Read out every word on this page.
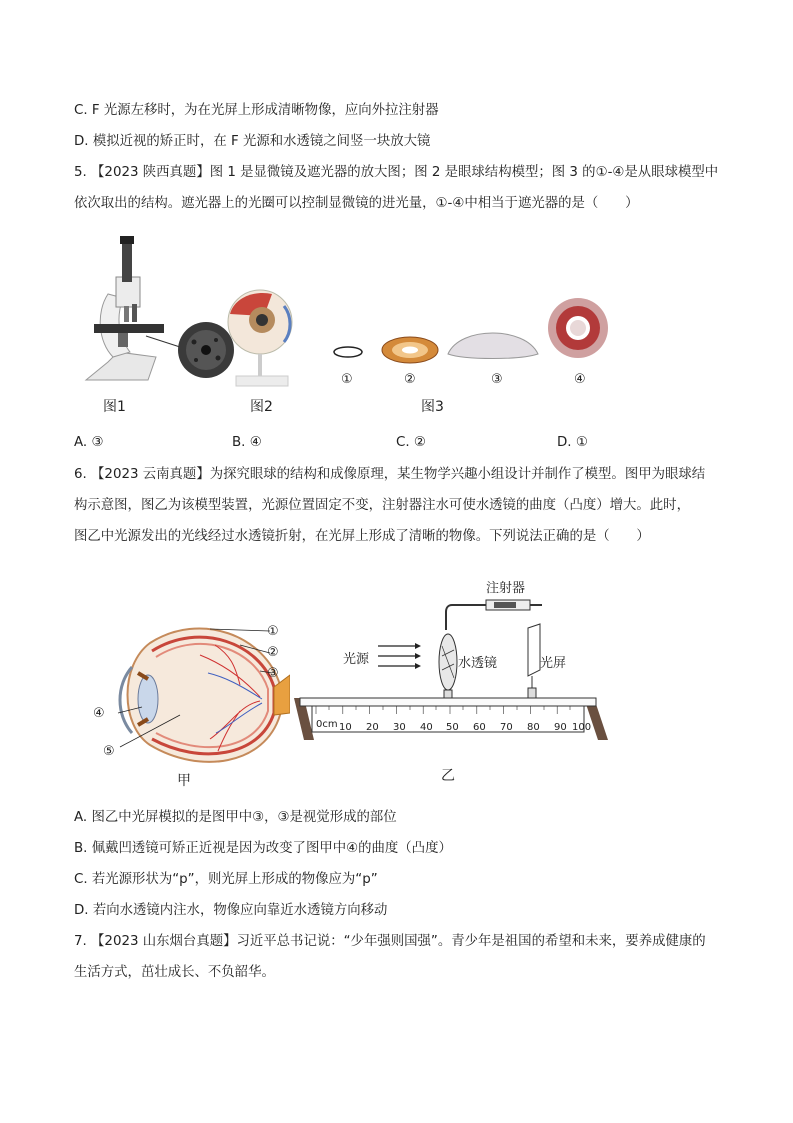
C. F 光源左移时，为在光屏上形成清晰物像，应向外拉注射器
D. 模拟近视的矫正时，在 F 光源和水透镜之间竖一块放大镜
5. 【2023 陕西真题】图 1 是显微镜及遮光器的放大图；图 2 是眼球结构模型；图 3 的①-④是从眼球模型中
依次取出的结构。遮光器上的光圈可以控制显微镜的进光量，①-④中相当于遮光器的是（　　）
图1	图2
①	②	③	④
图3
A. ③	B. ④	C. ②	D. ①
6. 【2023 云南真题】为探究眼球的结构和成像原理，某生物学兴趣小组设计并制作了模型。图甲为眼球结
构示意图，图乙为该模型装置，光源位置固定不变，注射器注水可使水透镜的曲度（凸度）增大。此时，
图乙中光源发出的光线经过水透镜折射，在光屏上形成了清晰的物像。下列说法正确的是（　　）
①
②
③
④
⑤
甲
注射器
光源	水透镜	光屏
0cm 10 20 30 40 50 60 70 80 90 100
乙
A. 图乙中光屏模拟的是图甲中③，③是视觉形成的部位
B. 佩戴凹透镜可矫正近视是因为改变了图甲中④的曲度（凸度）
C. 若光源形状为“p”，则光屏上形成的物像应为“p”
D. 若向水透镜内注水，物像应向靠近水透镜方向移动
7. 【2023 山东烟台真题】习近平总书记说：“少年强则国强”。青少年是祖国的希望和未来，要养成健康的
生活方式，茁壮成长、不负韶华。
